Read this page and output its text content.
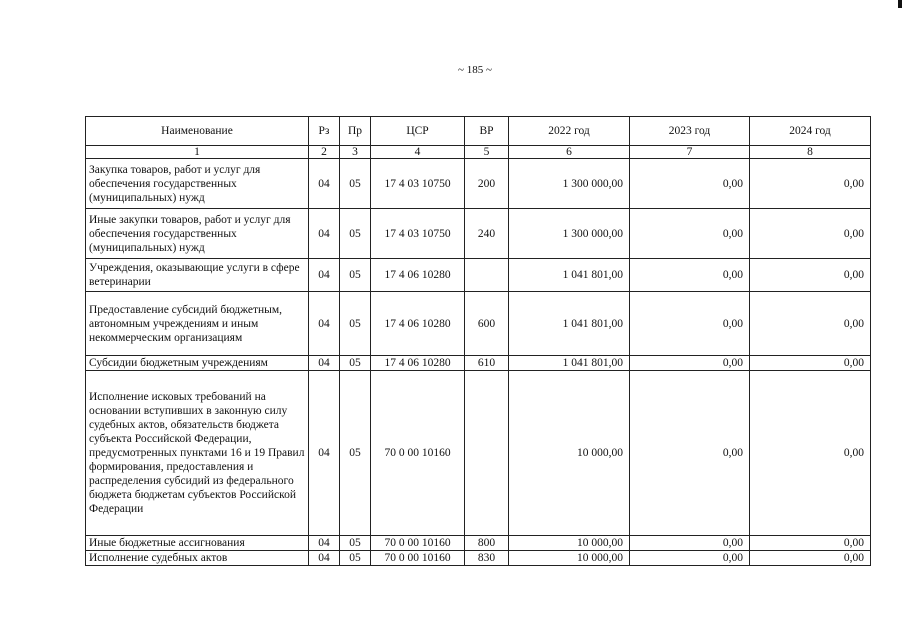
~ 185 ~
Наименование	Рз	Пр	ЦСР	ВР	2022 год	2023 год	2024 год
1	2	3	4	5	6	7	8
Закупка товаров, работ и услуг для обеспечения государственных (муниципальных) нужд	04	05	17 4 03 10750	200	1 300 000,00	0,00	0,00
Иные закупки товаров, работ и услуг для обеспечения государственных (муниципальных) нужд	04	05	17 4 03 10750	240	1 300 000,00	0,00	0,00
Учреждения, оказывающие услуги в сфере ветеринарии	04	05	17 4 06 10280		1 041 801,00	0,00	0,00
Предоставление субсидий бюджетным, автономным учреждениям и иным некоммерческим организациям	04	05	17 4 06 10280	600	1 041 801,00	0,00	0,00
Субсидии бюджетным учреждениям	04	05	17 4 06 10280	610	1 041 801,00	0,00	0,00
Исполнение исковых требований на основании вступивших в законную силу судебных актов, обязательств бюджета субъекта Российской Федерации, предусмотренных пунктами 16 и 19 Правил формирования, предоставления и распределения субсидий из федерального бюджета бюджетам субъектов Российской Федерации	04	05	70 0 00 10160		10 000,00	0,00	0,00
Иные бюджетные ассигнования	04	05	70 0 00 10160	800	10 000,00	0,00	0,00
Исполнение судебных актов	04	05	70 0 00 10160	830	10 000,00	0,00	0,00
